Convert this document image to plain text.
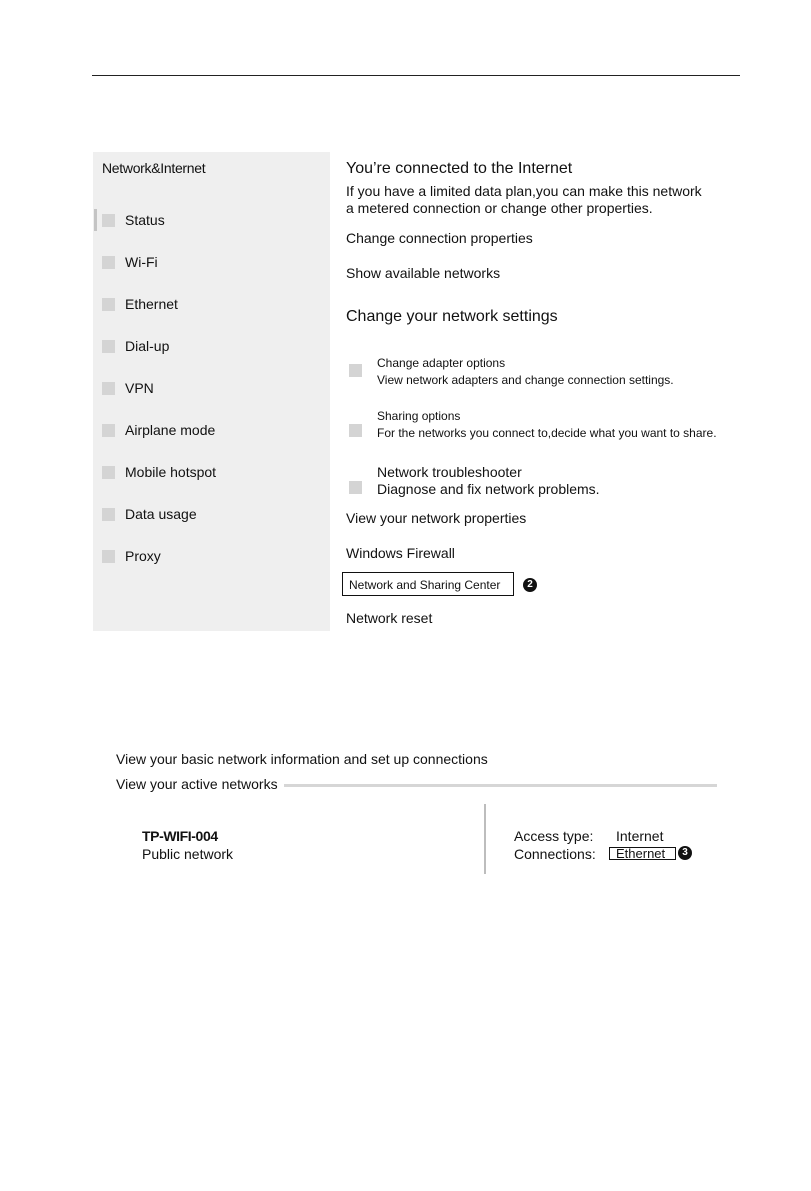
Network&Internet
Status
Wi-Fi
Ethernet
Dial-up
VPN
Airplane mode
Mobile hotspot
Data usage
Proxy
You’re connected to the Internet
If you have a limited data plan,you can make this network
a metered connection or change other properties.
Change connection properties
Show available networks
Change your network settings
Change adapter options
View network adapters and change connection settings.
Sharing options
For the networks you connect to,decide what you want to share.
Network troubleshooter
Diagnose and fix network problems.
View your network properties
Windows Firewall
Network and Sharing Center	2
Network reset
View your basic network information and set up connections
View your active networks
TP-WIFI-004
Public network
Access type: Internet
Connections: Ethernet	3
